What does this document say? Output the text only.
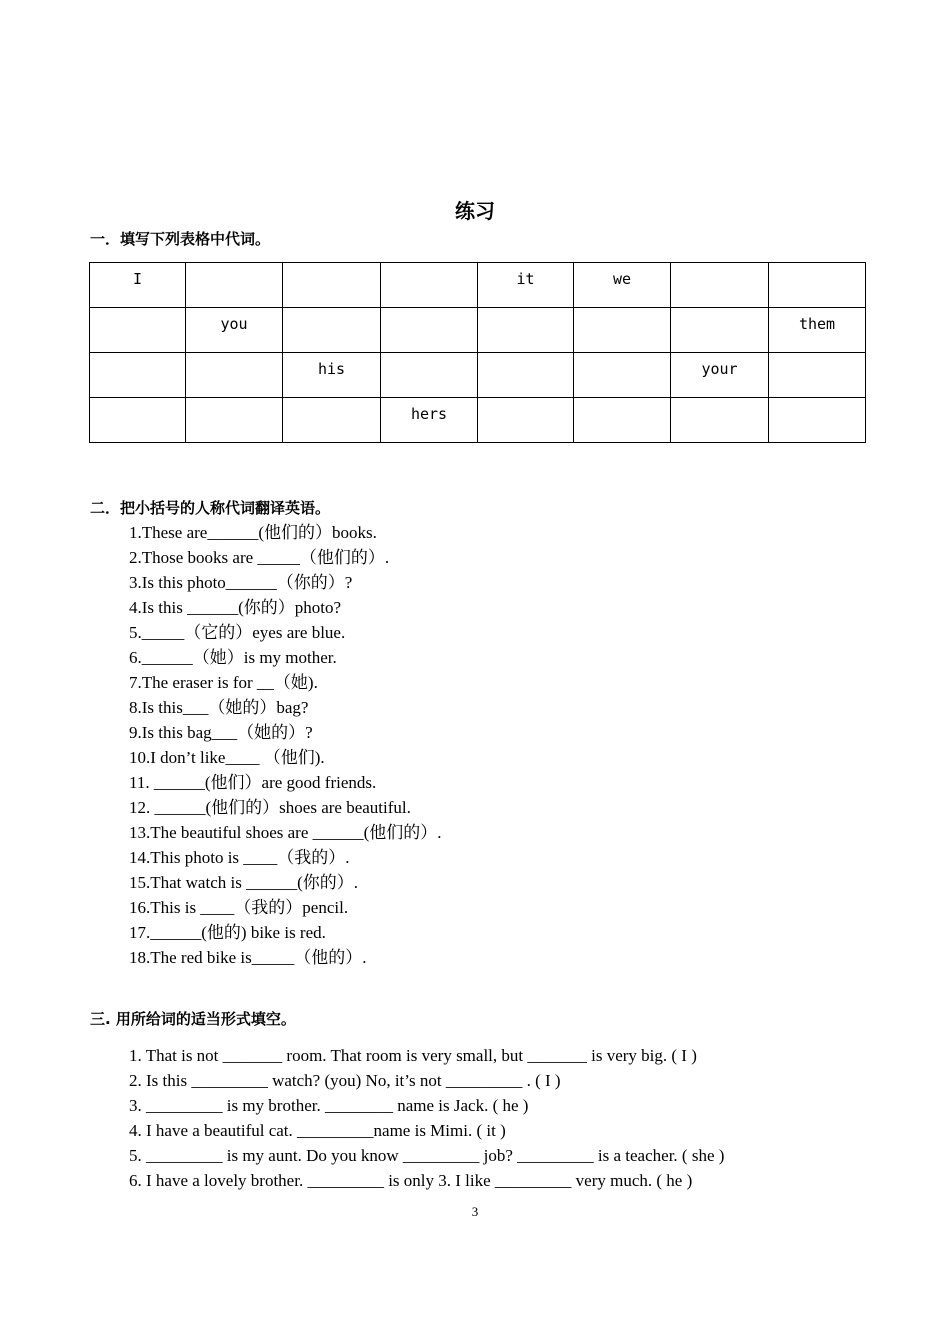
练习
一．填写下列表格中代词。
I				it	we		
	you						them
		his				your	
			hers				
二．把小括号的人称代词翻译英语。
1.These are______(他们的）books.
2.Those books are _____（他们的）.
3.Is this photo______（你的）?
4.Is this ______(你的）photo?
5._____（它的）eyes are blue.
6.______（她）is my mother.
7.The eraser is for __（她).
8.Is this___（她的）bag?
9.Is this bag___（她的）?
10.I don’t like____ （他们).
11. ______(他们）are good friends.
12. ______(他们的）shoes are beautiful.
13.The beautiful shoes are ______(他们的）.
14.This photo is ____（我的）.
15.That watch is ______(你的）.
16.This is ____（我的）pencil.
17.______(他的) bike is red.
18.The red bike is_____（他的）.
三. 用所给词的适当形式填空。
1. That is not _______ room. That room is very small, but _______ is very big. ( I )
2. Is this _________ watch? (you) No, it’s not _________ . ( I )
3. _________ is my brother. ________ name is Jack. ( he )
4. I have a beautiful cat. _________name is Mimi. ( it )
5. _________ is my aunt. Do you know _________ job? _________ is a teacher. ( she )
6. I have a lovely brother. _________ is only 3. I like _________ very much. ( he )
3
